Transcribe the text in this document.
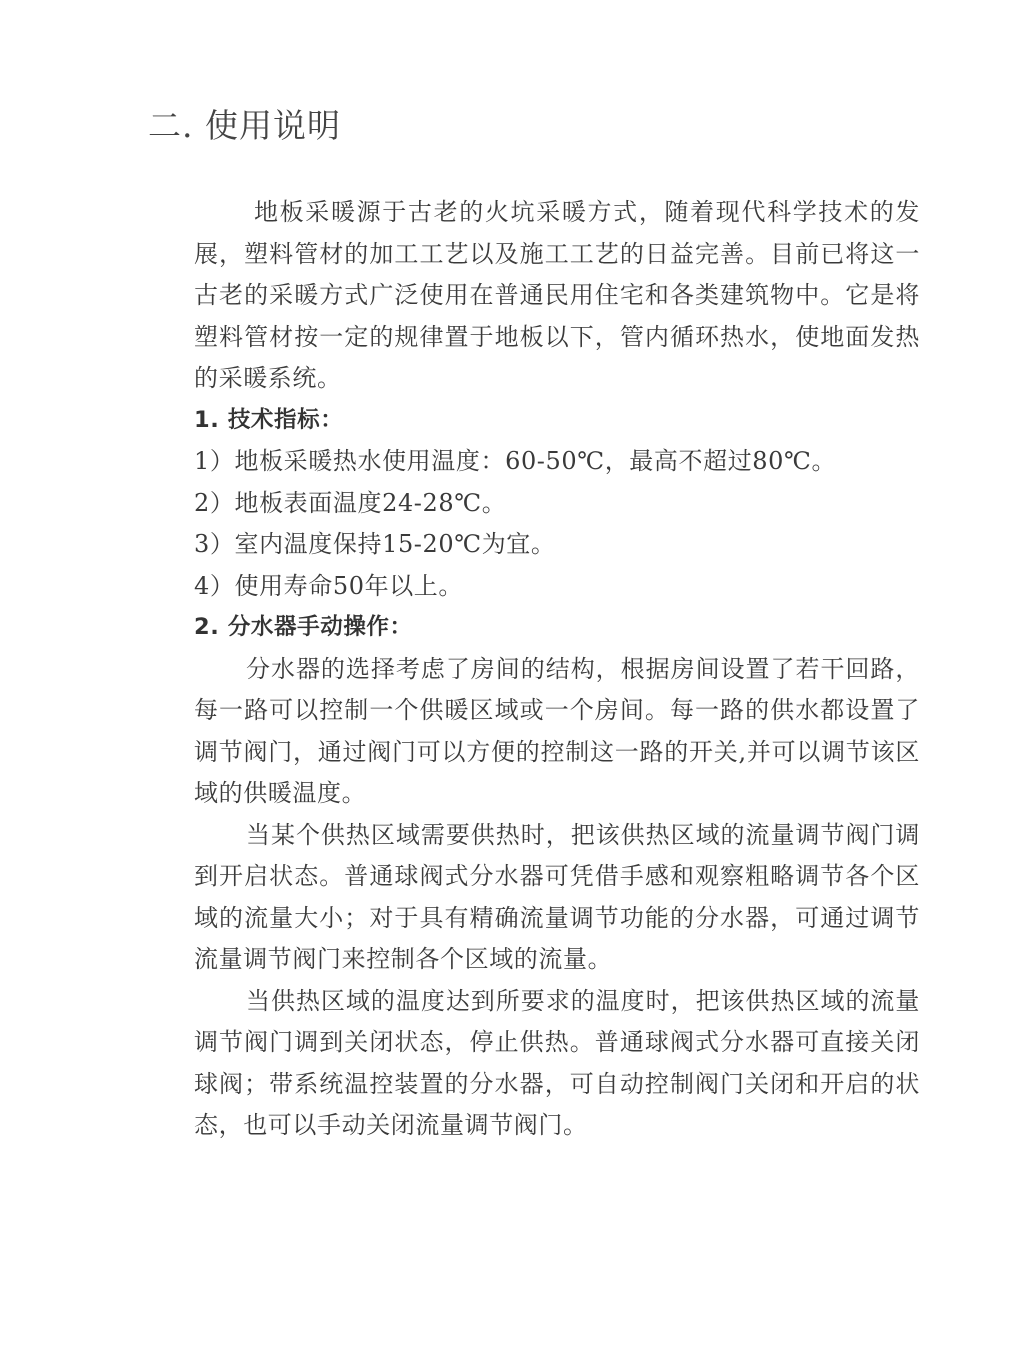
二. 使用说明

地板采暖源于古老的火坑采暖方式，随着现代科学技术的发展，塑料管材的加工工艺以及施工工艺的日益完善。目前已将这一古老的采暖方式广泛使用在普通民用住宅和各类建筑物中。它是将塑料管材按一定的规律置于地板以下，管内循环热水，使地面发热的采暖系统。

1. 技术指标：

1）地板采暖热水使用温度：60-50℃，最高不超过80℃。

2）地板表面温度24-28℃。

3）室内温度保持15-20℃为宜。

4）使用寿命50年以上。

2. 分水器手动操作：

分水器的选择考虑了房间的结构，根据房间设置了若干回路，每一路可以控制一个供暖区域或一个房间。每一路的供水都设置了调节阀门，通过阀门可以方便的控制这一路的开关,并可以调节该区域的供暖温度。

当某个供热区域需要供热时，把该供热区域的流量调节阀门调到开启状态。普通球阀式分水器可凭借手感和观察粗略调节各个区域的流量大小；对于具有精确流量调节功能的分水器，可通过调节流量调节阀门来控制各个区域的流量。

当供热区域的温度达到所要求的温度时，把该供热区域的流量调节阀门调到关闭状态，停止供热。普通球阀式分水器可直接关闭球阀；带系统温控装置的分水器，可自动控制阀门关闭和开启的状态，也可以手动关闭流量调节阀门。
